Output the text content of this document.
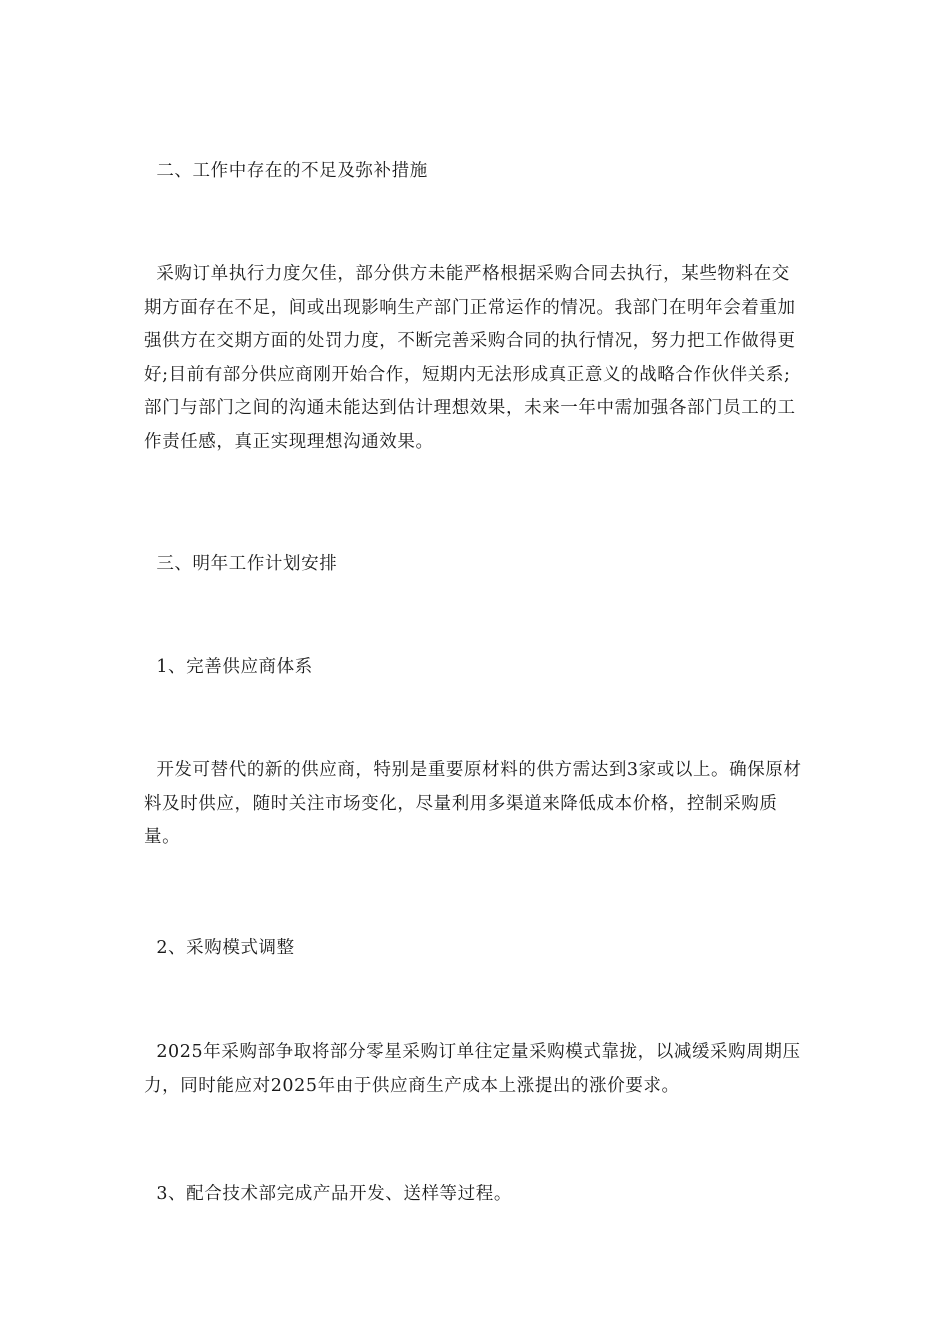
二、工作中存在的不足及弥补措施

采购订单执行力度欠佳，部分供方未能严格根据采购合同去执行，某些物料在交期方面存在不足，间或出现影响生产部门正常运作的情况。我部门在明年会着重加强供方在交期方面的处罚力度，不断完善采购合同的执行情况，努力把工作做得更好;目前有部分供应商刚开始合作，短期内无法形成真正意义的战略合作伙伴关系;部门与部门之间的沟通未能达到估计理想效果，未来一年中需加强各部门员工的工作责任感，真正实现理想沟通效果。

三、明年工作计划安排

1、完善供应商体系

开发可替代的新的供应商，特别是重要原材料的供方需达到3家或以上。确保原材料及时供应，随时关注市场变化，尽量利用多渠道来降低成本价格，控制采购质量。

2、采购模式调整

2025年采购部争取将部分零星采购订单往定量采购模式靠拢，以减缓采购周期压力，同时能应对2025年由于供应商生产成本上涨提出的涨价要求。

3、配合技术部完成产品开发、送样等过程。
